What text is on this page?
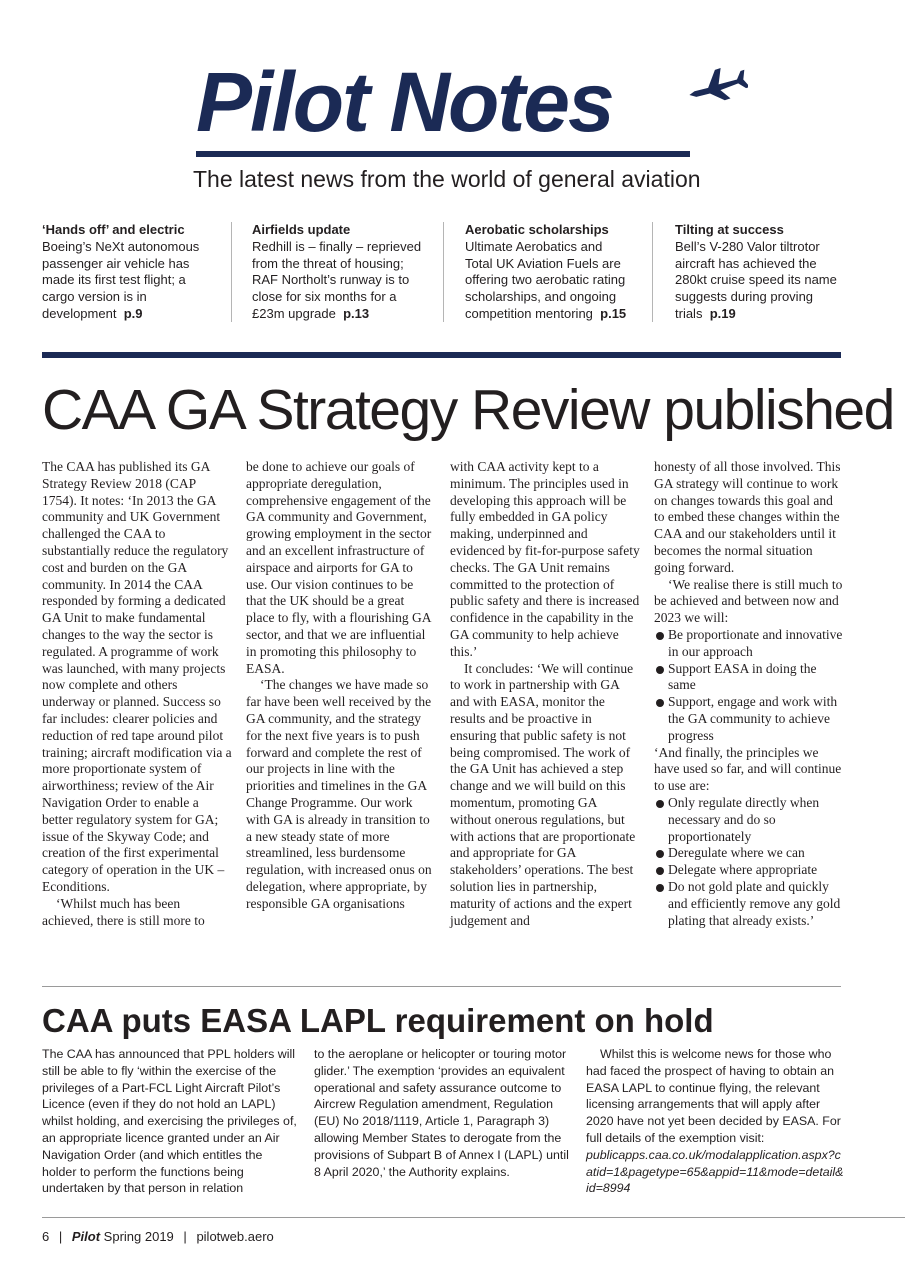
Pilot Notes
The latest news from the world of general aviation
‘Hands off’ and electric
Boeing’s NeXt autonomous passenger air vehicle has made its first test flight; a cargo version is in development p.9
Airfields update
Redhill is – finally – reprieved from the threat of housing; RAF Northolt’s runway is to close for six months for a £23m upgrade p.13
Aerobatic scholarships
Ultimate Aerobatics and Total UK Aviation Fuels are offering two aerobatic rating scholarships, and ongoing competition mentoring p.15
Tilting at success
Bell’s V-280 Valor tiltrotor aircraft has achieved the 280kt cruise speed its name suggests during proving trials p.19
CAA GA Strategy Review published

The CAA has published its GA Strategy Review 2018 (CAP 1754). It notes: ‘In 2013 the GA community and UK Government challenged the CAA to substantially reduce the regulatory cost and burden on the GA community. In 2014 the CAA responded by forming a dedicated GA Unit to make fundamental changes to the way the sector is regulated. A programme of work was launched, with many projects now complete and others underway or planned. Success so far includes: clearer policies and reduction of red tape around pilot training; aircraft modification via a more proportionate system of airworthiness; review of the Air Navigation Order to enable a better regulatory system for GA; issue of the Skyway Code; and creation of the first experimental category of operation in the UK – Econditions.

‘Whilst much has been achieved, there is still more to

be done to achieve our goals of appropriate deregulation, comprehensive engagement of the GA community and Government, growing employment in the sector and an excellent infrastructure of airspace and airports for GA to use. Our vision continues to be that the UK should be a great place to fly, with a flourishing GA sector, and that we are influential in promoting this philosophy to EASA.

‘The changes we have made so far have been well received by the GA community, and the strategy for the next five years is to push forward and complete the rest of our projects in line with the priorities and timelines in the GA Change Programme. Our work with GA is already in transition to a new steady state of more streamlined, less burdensome regulation, with increased onus on delegation, where appropriate, by responsible GA organisations

with CAA activity kept to a minimum. The principles used in developing this approach will be fully embedded in GA policy making, underpinned and evidenced by fit-for-purpose safety checks. The GA Unit remains committed to the protection of public safety and there is increased confidence in the capability in the GA community to help achieve this.’

It concludes: ‘We will continue to work in partnership with GA and with EASA, monitor the results and be proactive in ensuring that public safety is not being compromised. The work of the GA Unit has achieved a step change and we will build on this momentum, promoting GA without onerous regulations, but with actions that are proportionate and appropriate for GA stakeholders’ operations. The best solution lies in partnership, maturity of actions and the expert judgement and

honesty of all those involved. This GA strategy will continue to work on changes towards this goal and to embed these changes within the CAA and our stakeholders until it becomes the normal situation going forward.

‘We realise there is still much to be achieved and between now and 2023 we will:

Be proportionate and innovative in our approach
Support EASA in doing the same
Support, engage and work with the GA community to achieve progress

‘And finally, the principles we have used so far, and will continue to use are:

Only regulate directly when necessary and do so proportionately
Deregulate where we can
Delegate where appropriate
Do not gold plate and quickly and efficiently remove any gold plating that already exists.’
CAA puts EASA LAPL requirement on hold

The CAA has announced that PPL holders will still be able to fly ‘within the exercise of the privileges of a Part-FCL Light Aircraft Pilot’s Licence (even if they do not hold an LAPL) whilst holding, and exercising the privileges of, an appropriate licence granted under an Air Navigation Order (and which entitles the holder to perform the functions being undertaken by that person in relation

to the aeroplane or helicopter or touring motor glider.’ The exemption ‘provides an equivalent operational and safety assurance outcome to Aircrew Regulation amendment, Regulation (EU) No 2018/1119, Article 1, Paragraph 3) allowing Member States to derogate from the provisions of Subpart B of Annex I (LAPL) until 8 April 2020,’ the Authority explains.

Whilst this is welcome news for those who had faced the prospect of having to obtain an EASA LAPL to continue flying, the relevant licensing arrangements that will apply after 2020 have not yet been decided by EASA. For full details of the exemption visit:

publicapps.caa.co.uk/modalapplication.aspx?catid=1&pagetype=65&appid=11&mode=detail&id=8994

6 | Pilot Spring 2019 | pilotweb.aero
